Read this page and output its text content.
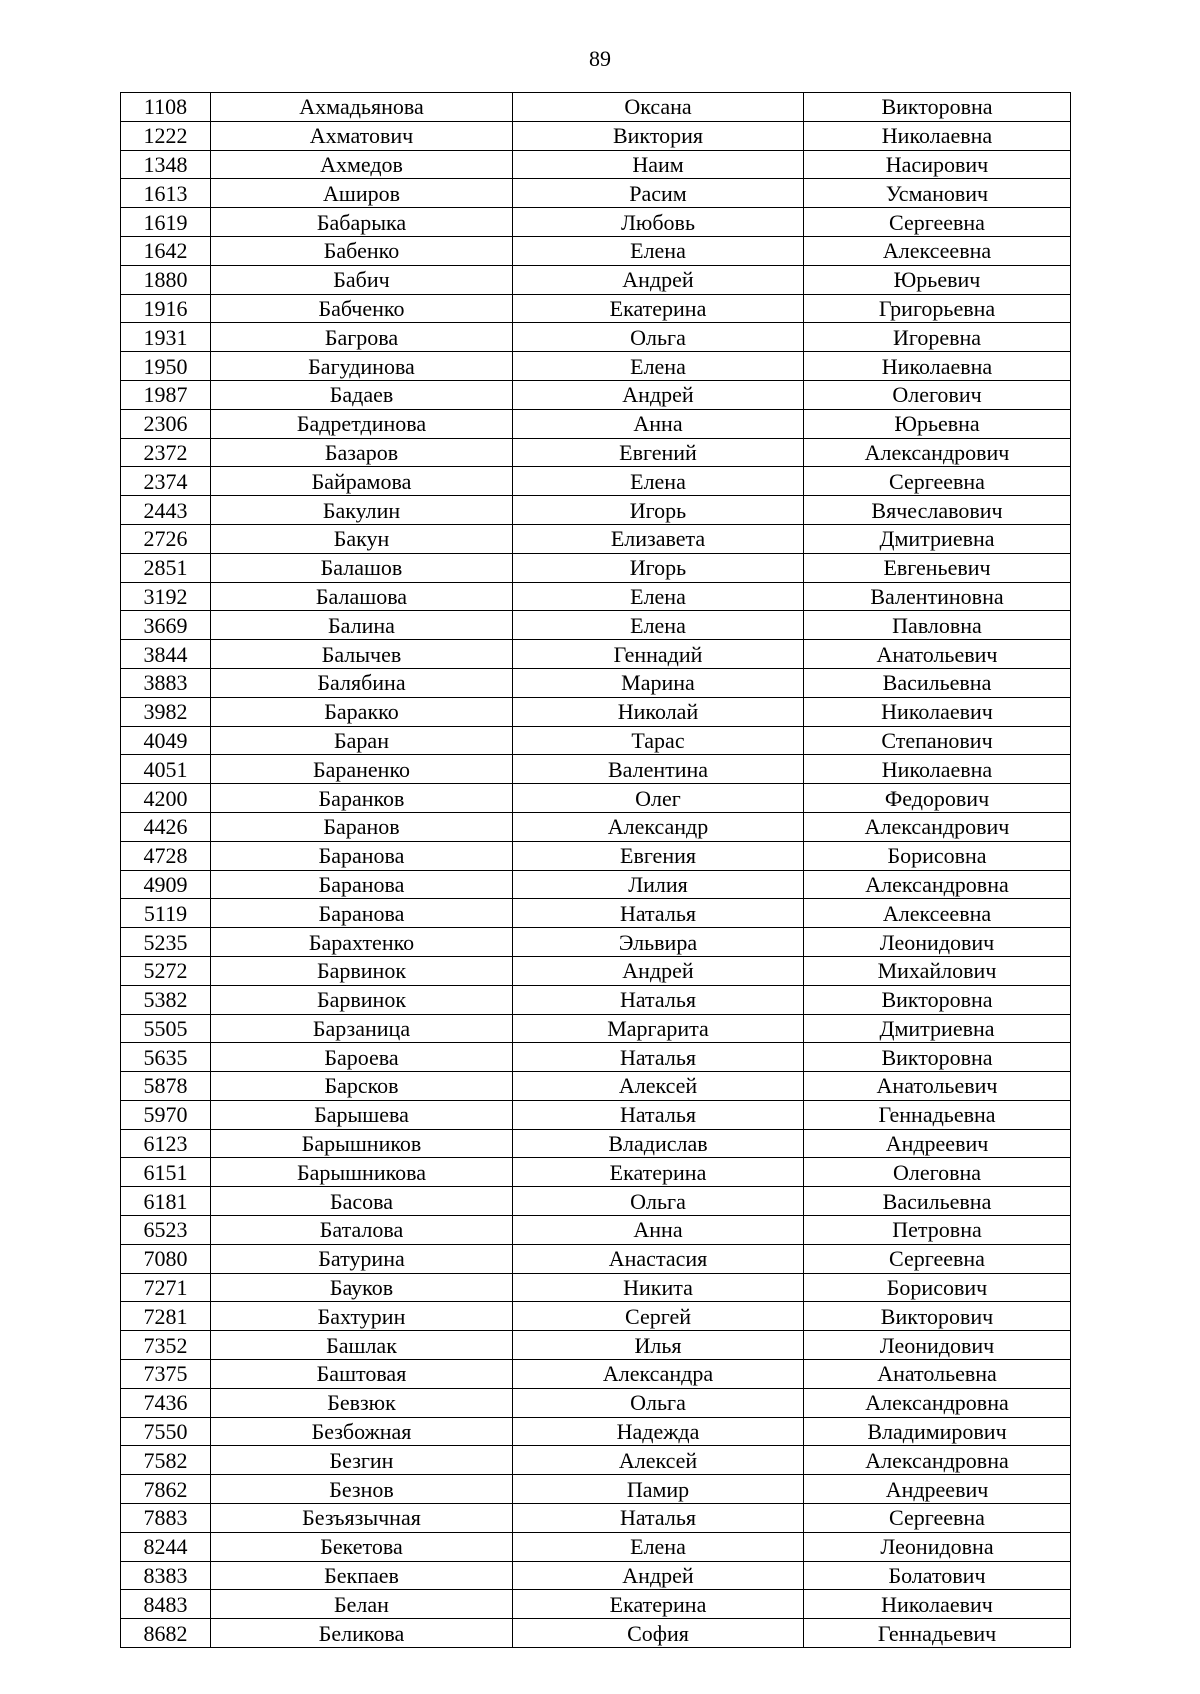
89
1108	Ахмадьянова	Оксана	Викторовна
1222	Ахматович	Виктория	Николаевна
1348	Ахмедов	Наим	Насирович
1613	Аширов	Расим	Усманович
1619	Бабарыка	Любовь	Сергеевна
1642	Бабенко	Елена	Алексеевна
1880	Бабич	Андрей	Юрьевич
1916	Бабченко	Екатерина	Григорьевна
1931	Багрова	Ольга	Игоревна
1950	Багудинова	Елена	Николаевна
1987	Бадаев	Андрей	Олегович
2306	Бадретдинова	Анна	Юрьевна
2372	Базаров	Евгений	Александрович
2374	Байрамова	Елена	Сергеевна
2443	Бакулин	Игорь	Вячеславович
2726	Бакун	Елизавета	Дмитриевна
2851	Балашов	Игорь	Евгеньевич
3192	Балашова	Елена	Валентиновна
3669	Балина	Елена	Павловна
3844	Балычев	Геннадий	Анатольевич
3883	Балябина	Марина	Васильевна
3982	Баракко	Николай	Николаевич
4049	Баран	Тарас	Степанович
4051	Бараненко	Валентина	Николаевна
4200	Баранков	Олег	Федорович
4426	Баранов	Александр	Александрович
4728	Баранова	Евгения	Борисовна
4909	Баранова	Лилия	Александровна
5119	Баранова	Наталья	Алексеевна
5235	Барахтенко	Эльвира	Леонидович
5272	Барвинок	Андрей	Михайлович
5382	Барвинок	Наталья	Викторовна
5505	Барзаница	Маргарита	Дмитриевна
5635	Бароева	Наталья	Викторовна
5878	Барсков	Алексей	Анатольевич
5970	Барышева	Наталья	Геннадьевна
6123	Барышников	Владислав	Андреевич
6151	Барышникова	Екатерина	Олеговна
6181	Басова	Ольга	Васильевна
6523	Баталова	Анна	Петровна
7080	Батурина	Анастасия	Сергеевна
7271	Бауков	Никита	Борисович
7281	Бахтурин	Сергей	Викторович
7352	Башлак	Илья	Леонидович
7375	Баштовая	Александра	Анатольевна
7436	Бевзюк	Ольга	Александровна
7550	Безбожная	Надежда	Владимирович
7582	Безгин	Алексей	Александровна
7862	Безнов	Памир	Андреевич
7883	Безъязычная	Наталья	Сергеевна
8244	Бекетова	Елена	Леонидовна
8383	Бекпаев	Андрей	Болатович
8483	Белан	Екатерина	Николаевич
8682	Беликова	София	Геннадьевич
